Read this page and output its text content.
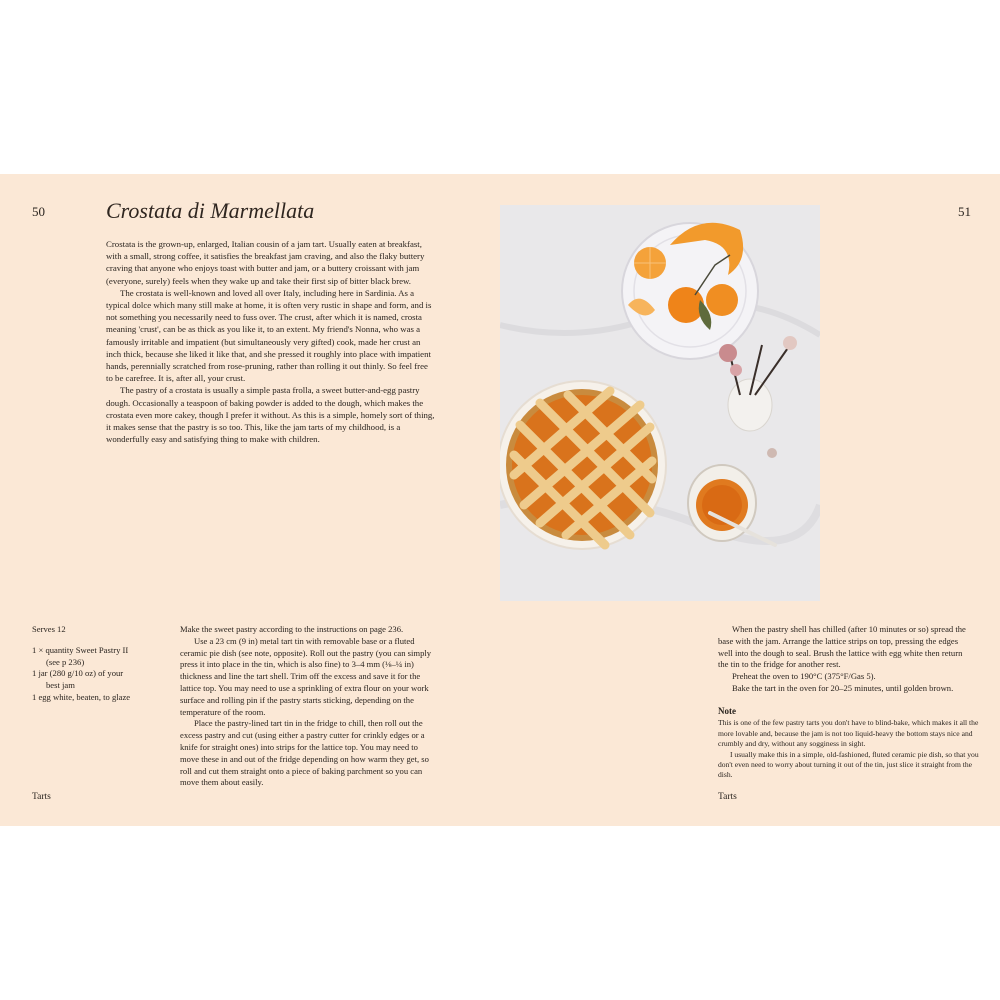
50	Crostata di Marmellata

Crostata is the grown-up, enlarged, Italian cousin of a jam tart. Usually eaten at breakfast, with a small, strong coffee, it satisfies the breakfast jam craving, and also the flaky buttery craving that anyone who enjoys toast with butter and jam, or a buttery croissant with jam (everyone, surely) feels when they wake up and take their first sip of bitter black brew.

The crostata is well-known and loved all over Italy, including here in Sardinia. As a typical dolce which many still make at home, it is often very rustic in shape and form, and is not something you necessarily need to fuss over. The crust, after which it is named, crosta meaning 'crust', can be as thick as you like it, to an extent. My friend's Nonna, who was a famously irritable and impatient (but simultaneously very gifted) cook, made her crust an inch thick, because she liked it like that, and she pressed it roughly into place with impatient hands, perennially scratched from rose-pruning, rather than rolling it out thinly. So feel free to be carefree. It is, after all, your crust.

The pastry of a crostata is usually a simple pasta frolla, a sweet butter-and-egg pastry dough. Occasionally a teaspoon of baking powder is added to the dough, which makes the crostata even more cakey, though I prefer it without. As this is a simple, homely sort of thing, it makes sense that the pastry is so too. This, like the jam tarts of my childhood, is a wonderfully easy and satisfying thing to make with children.

Serves 12
1 × quantity Sweet Pastry II
(see p 236)
1 jar (280 g/10 oz) of your
best jam
1 egg white, beaten, to glaze

Make the sweet pastry according to the instructions on page 236.

Use a 23 cm (9 in) metal tart tin with removable base or a fluted ceramic pie dish (see note, opposite). Roll out the pastry (you can simply press it into place in the tin, which is also fine) to 3–4 mm (⅛–¼ in) thickness and line the tart shell. Trim off the excess and save it for the lattice top. You may need to use a sprinkling of extra flour on your work surface and rolling pin if the pastry starts sticking, depending on the temperature of the room.

Place the pastry-lined tart tin in the fridge to chill, then roll out the excess pastry and cut (using either a pastry cutter for crinkly edges or a knife for straight ones) into strips for the lattice top. You may need to move these in and out of the fridge depending on how warm they get, so roll and cut them straight onto a piece of baking parchment so you can move them about easily.

Tarts
51

When the pastry shell has chilled (after 10 minutes or so) spread the base with the jam. Arrange the lattice strips on top, pressing the edges well into the dough to seal. Brush the lattice with egg white then return the tin to the fridge for another rest.

Preheat the oven to 190°C (375°F/Gas 5).

Bake the tart in the oven for 20–25 minutes, until golden brown.

Note

This is one of the few pastry tarts you don't have to blind-bake, which makes it all the more lovable and, because the jam is not too liquid-heavy the bottom stays nice and crumbly and dry, without any sogginess in sight.

I usually make this in a simple, old-fashioned, fluted ceramic pie dish, so that you don't even need to worry about turning it out of the tin, just slice it straight from the dish.

Tarts
